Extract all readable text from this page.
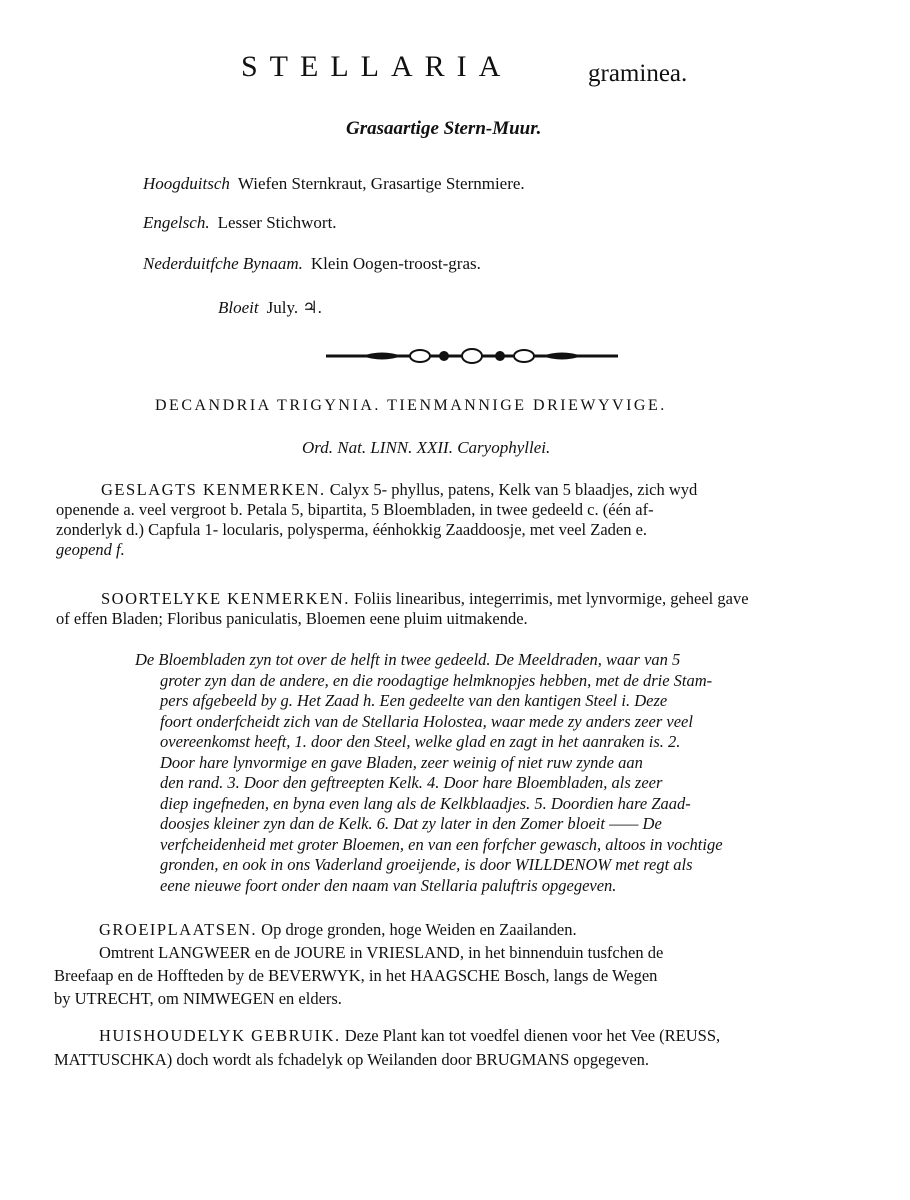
STELLARIA	graminea.
Grasaartige Stern-Muur.
Hoogduitsch Wiefen Sternkraut, Grasartige Sternmiere.
Engelsch. Lesser Stichwort.
Nederduitfche Bynaam. Klein Oogen-troost-gras.
Bloeit July. ♃.
DECANDRIA TRIGYNIA. TIENMANNIGE DRIEWYVIGE.
Ord. Nat. LINN. XXII. Caryophyllei.
GESLAGTS KENMERKEN. Calyx 5- phyllus, patens, Kelk van 5 blaadjes, zich wyd
openende a. veel vergroot b. Petala 5, bipartita, 5 Bloembladen, in twee gedeeld c. (één af-
zonderlyk d.) Capfula 1- locularis, polysperma, éénhokkig Zaaddoosje, met veel Zaden e.
geopend f.
SOORTELYKE KENMERKEN. Foliis linearibus, integerrimis, met lynvormige, geheel gave
of effen Bladen; Floribus paniculatis, Bloemen eene pluim uitmakende.
De Bloembladen zyn tot over de helft in twee gedeeld. De Meeldraden, waar van 5
groter zyn dan de andere, en die roodagtige helmknopjes hebben, met de drie Stam-
pers afgebeeld by g. Het Zaad h. Een gedeelte van den kantigen Steel i. Deze
foort onderfcheidt zich van de Stellaria Holostea, waar mede zy anders zeer veel
overeenkomst heeft, 1. door den Steel, welke glad en zagt in het aanraken is. 2.
Door hare lynvormige en gave Bladen, zeer weinig of niet ruw zynde aan
den rand. 3. Door den geftreepten Kelk. 4. Door hare Bloembladen, als zeer
diep ingefneden, en byna even lang als de Kelkblaadjes. 5. Doordien hare Zaad-
doosjes kleiner zyn dan de Kelk. 6. Dat zy later in den Zomer bloeit —— De
verfcheidenheid met groter Bloemen, en van een forfcher gewasch, altoos in vochtige
gronden, en ook in ons Vaderland groeijende, is door WILLDENOW met regt als
eene nieuwe foort onder den naam van Stellaria paluftris opgegeven.
GROEIPLAATSEN. Op droge gronden, hoge Weiden en Zaailanden.
Omtrent LANGWEER en de JOURE in VRIESLAND, in het binnenduin tusfchen de
Breefaap en de Hoffteden by de BEVERWYK, in het HAAGSCHE Bosch, langs de Wegen
by UTRECHT, om NIMWEGEN en elders.
HUISHOUDELYK GEBRUIK. Deze Plant kan tot voedfel dienen voor het Vee (REUSS,
MATTUSCHKA) doch wordt als fchadelyk op Weilanden door BRUGMANS opgegeven.
